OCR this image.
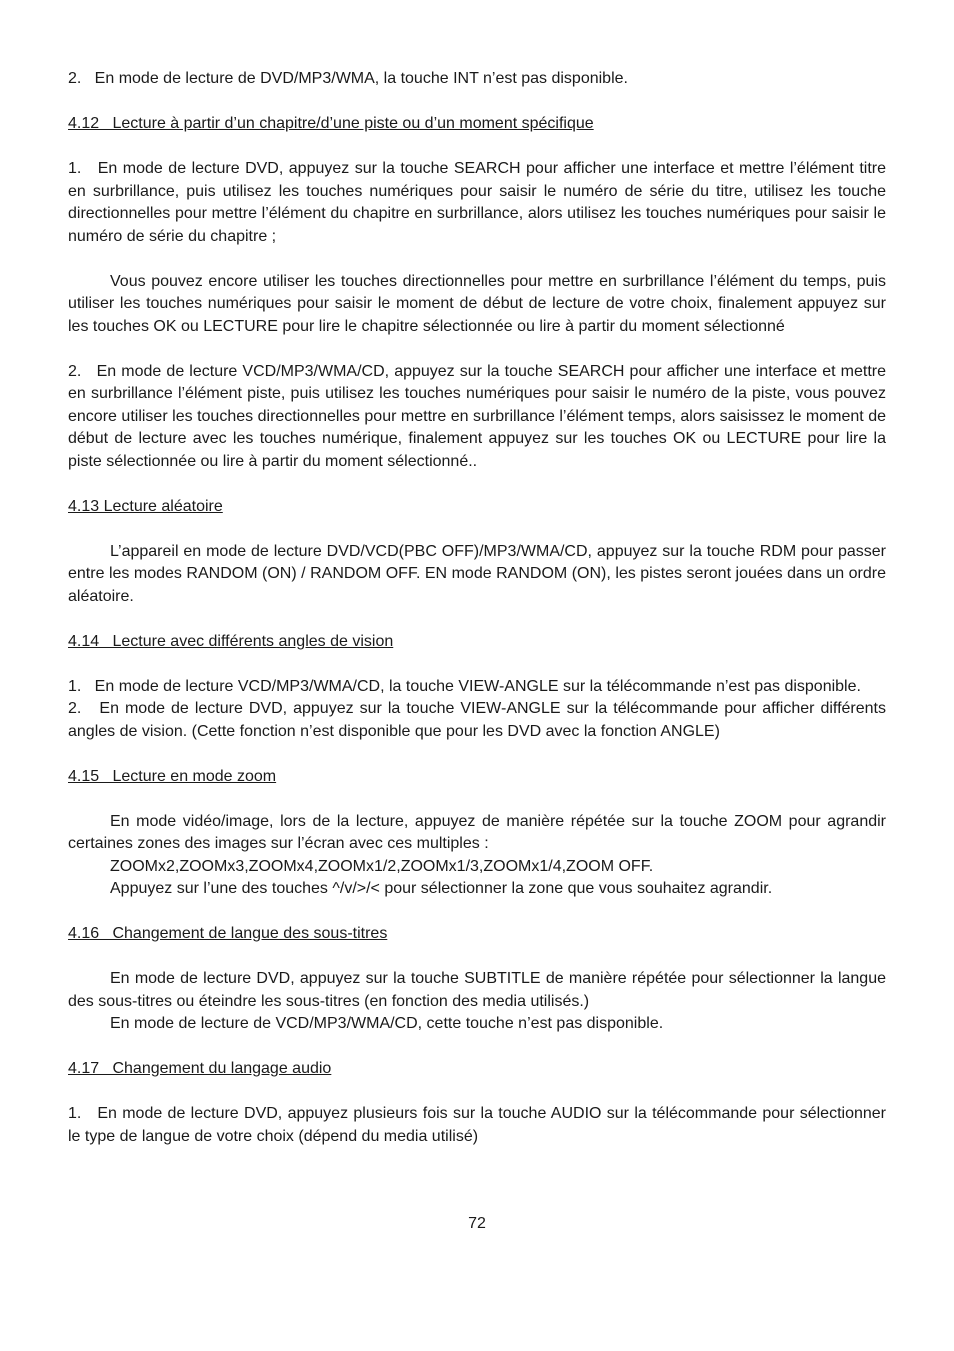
2.   En mode de lecture de DVD/MP3/WMA, la touche INT n’est pas disponible.

4.12   Lecture à partir d’un chapitre/d’une piste ou d’un moment spécifique

1.   En mode de lecture DVD, appuyez sur la touche SEARCH pour afficher une interface et mettre l’élément titre en surbrillance, puis utilisez les touches numériques pour saisir le numéro de série du titre, utilisez les touche directionnelles pour mettre l’élément du chapitre en surbrillance, alors utilisez les touches numériques pour saisir le numéro de série du chapitre ;

Vous pouvez encore utiliser les touches directionnelles pour mettre en surbrillance l’élément du temps, puis utiliser les touches numériques pour saisir le moment de début de lecture de votre choix, finalement appuyez sur les touches OK ou LECTURE pour lire le chapitre sélectionnée ou lire à partir du moment sélectionné

2.   En mode de lecture VCD/MP3/WMA/CD, appuyez sur la touche SEARCH pour afficher une interface et mettre en surbrillance l’élément piste, puis utilisez les touches numériques pour saisir le numéro de la piste, vous pouvez encore utiliser les touches directionnelles pour mettre en surbrillance l’élément temps, alors saisissez le moment de début de lecture avec les touches numérique, finalement appuyez sur les touches OK ou LECTURE pour lire la piste sélectionnée ou lire à partir du moment sélectionné..

4.13 Lecture aléatoire

L’appareil en mode de lecture DVD/VCD(PBC OFF)/MP3/WMA/CD, appuyez sur la touche RDM pour passer entre les modes RANDOM (ON) / RANDOM OFF. EN mode RANDOM (ON), les pistes seront jouées dans un ordre aléatoire.

4.14   Lecture avec différents angles de vision

1.   En mode de lecture VCD/MP3/WMA/CD, la touche VIEW-ANGLE sur la télécommande n’est pas disponible.

2.   En mode de lecture DVD, appuyez sur la touche VIEW-ANGLE sur la télécommande pour afficher différents angles de vision. (Cette fonction n’est disponible que pour les DVD avec la fonction ANGLE)

4.15   Lecture en mode zoom

En mode vidéo/image, lors de la lecture, appuyez de manière répétée sur la touche ZOOM pour agrandir certaines zones des images sur l’écran avec ces multiples :

ZOOMx2,ZOOMx3,ZOOMx4,ZOOMx1/2,ZOOMx1/3,ZOOMx1/4,ZOOM OFF.

Appuyez sur l’une des touches ^/v/>/< pour sélectionner la zone que vous souhaitez agrandir.

4.16   Changement de langue des sous-titres

En mode de lecture DVD, appuyez sur la touche SUBTITLE de manière répétée pour sélectionner la langue des sous-titres ou éteindre les sous-titres (en fonction des media utilisés.)

En mode de lecture de VCD/MP3/WMA/CD, cette touche n’est pas disponible.

4.17   Changement du langage audio

1.   En mode de lecture DVD, appuyez plusieurs fois sur la touche AUDIO sur la télécommande pour sélectionner le type de langue de votre choix (dépend du media utilisé)

72
